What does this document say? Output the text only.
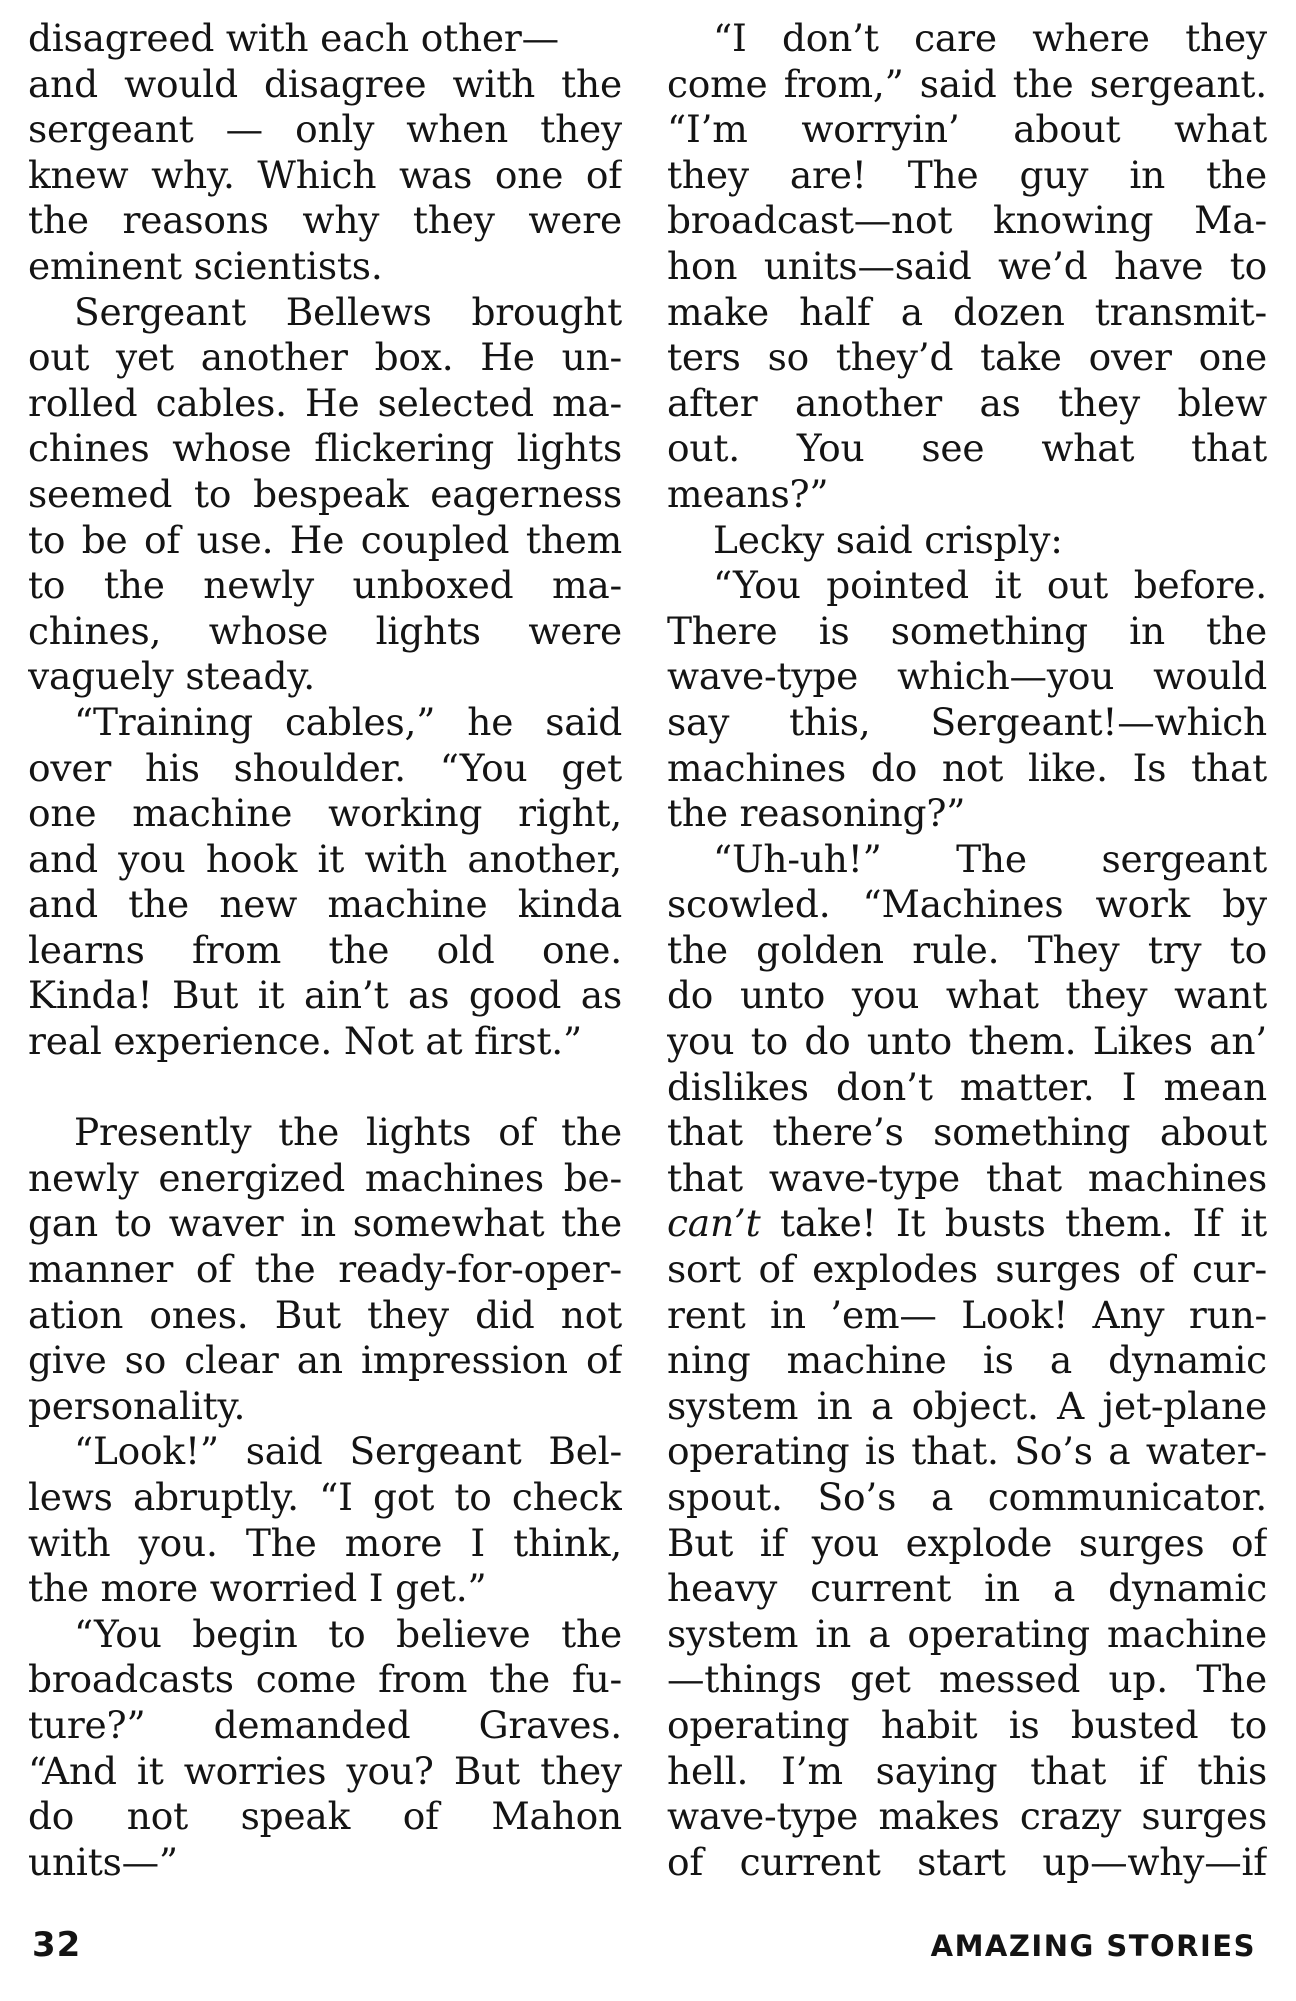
disagreed with each other—
and would disagree with the
sergeant — only when they
knew why. Which was one of
the reasons why they were
eminent scientists.
Sergeant Bellews brought
out yet another box. He un-
rolled cables. He selected ma-
chines whose flickering lights
seemed to bespeak eagerness
to be of use. He coupled them
to the newly unboxed ma-
chines, whose lights were
vaguely steady.
“Training cables,” he said
over his shoulder. “You get
one machine working right,
and you hook it with another,
and the new machine kinda
learns from the old one.
Kinda! But it ain’t as good as
real experience. Not at first.”
Presently the lights of the
newly energized machines be-
gan to waver in somewhat the
manner of the ready-for-oper-
ation ones. But they did not
give so clear an impression of
personality.
“Look!” said Sergeant Bel-
lews abruptly. “I got to check
with you. The more I think,
the more worried I get.”
“You begin to believe the
broadcasts come from the fu-
ture?” demanded Graves.
“And it worries you? But they
do not speak of Mahon
units—”
“I don’t care where they
come from,” said the sergeant.
“I’m worryin’ about what
they are! The guy in the
broadcast—not knowing Ma-
hon units—said we’d have to
make half a dozen transmit-
ters so they’d take over one
after another as they blew
out. You see what that
means?”
Lecky said crisply:
“You pointed it out before.
There is something in the
wave-type which—you would
say this, Sergeant!—which
machines do not like. Is that
the reasoning?”
“Uh-uh!” The sergeant
scowled. “Machines work by
the golden rule. They try to
do unto you what they want
you to do unto them. Likes an’
dislikes don’t matter. I mean
that there’s something about
that wave-type that machines
can’t take! It busts them. If it
sort of explodes surges of cur-
rent in ’em— Look! Any run-
ning machine is a dynamic
system in a object. A jet-plane
operating is that. So’s a water-
spout. So’s a communicator.
But if you explode surges of
heavy current in a dynamic
system in a operating machine
—things get messed up. The
operating habit is busted to
hell. I’m saying that if this
wave-type makes crazy surges
of current start up—why—if
32	AMAZING STORIES
